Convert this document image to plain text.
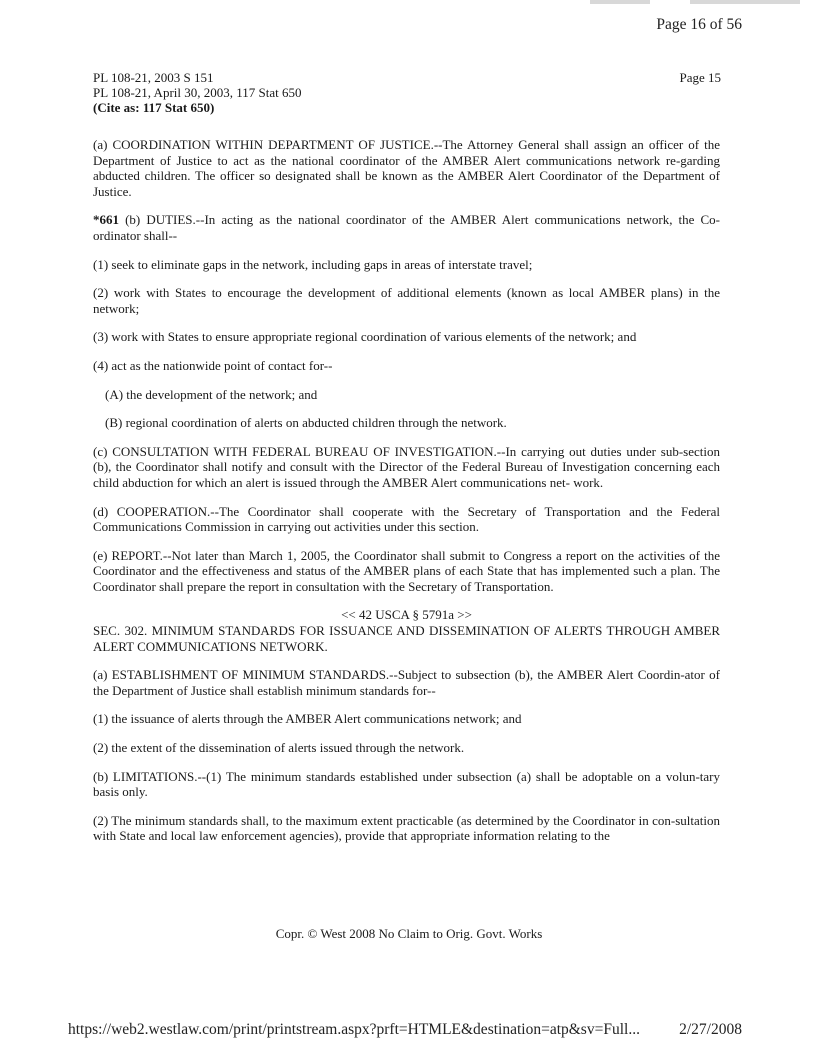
Page 16 of 56
PL 108-21, 2003 S 151
PL 108-21, April 30, 2003, 117 Stat 650
(Cite as: 117 Stat 650)
Page 15

(a) COORDINATION WITHIN DEPARTMENT OF JUSTICE.--The Attorney General shall assign an officer of the Department of Justice to act as the national coordinator of the AMBER Alert communications network re-garding abducted children. The officer so designated shall be known as the AMBER Alert Coordinator of the Department of Justice.

*661 (b) DUTIES.--In acting as the national coordinator of the AMBER Alert communications network, the Co-ordinator shall--

(1) seek to eliminate gaps in the network, including gaps in areas of interstate travel;

(2) work with States to encourage the development of additional elements (known as local AMBER plans) in the network;

(3) work with States to ensure appropriate regional coordination of various elements of the network; and

(4) act as the nationwide point of contact for--

(A) the development of the network; and

(B) regional coordination of alerts on abducted children through the network.

(c) CONSULTATION WITH FEDERAL BUREAU OF INVESTIGATION.--In carrying out duties under sub-section (b), the Coordinator shall notify and consult with the Director of the Federal Bureau of Investigation concerning each child abduction for which an alert is issued through the AMBER Alert communications net- work.

(d) COOPERATION.--The Coordinator shall cooperate with the Secretary of Transportation and the Federal Communications Commission in carrying out activities under this section.

(e) REPORT.--Not later than March 1, 2005, the Coordinator shall submit to Congress a report on the activities of the Coordinator and the effectiveness and status of the AMBER plans of each State that has implemented such a plan. The Coordinator shall prepare the report in consultation with the Secretary of Transportation.

<< 42 USCA § 5791a >>

SEC. 302. MINIMUM STANDARDS FOR ISSUANCE AND DISSEMINATION OF ALERTS THROUGH AMBER ALERT COMMUNICATIONS NETWORK.

(a) ESTABLISHMENT OF MINIMUM STANDARDS.--Subject to subsection (b), the AMBER Alert Coordin-ator of the Department of Justice shall establish minimum standards for--

(1) the issuance of alerts through the AMBER Alert communications network; and

(2) the extent of the dissemination of alerts issued through the network.

(b) LIMITATIONS.--(1) The minimum standards established under subsection (a) shall be adoptable on a volun-tary basis only.

(2) The minimum standards shall, to the maximum extent practicable (as determined by the Coordinator in con-sultation with State and local law enforcement agencies), provide that appropriate information relating to the

Copr. © West 2008 No Claim to Orig. Govt. Works
https://web2.westlaw.com/print/printstream.aspx?prft=HTMLE&destination=atp&sv=Full...	2/27/2008
